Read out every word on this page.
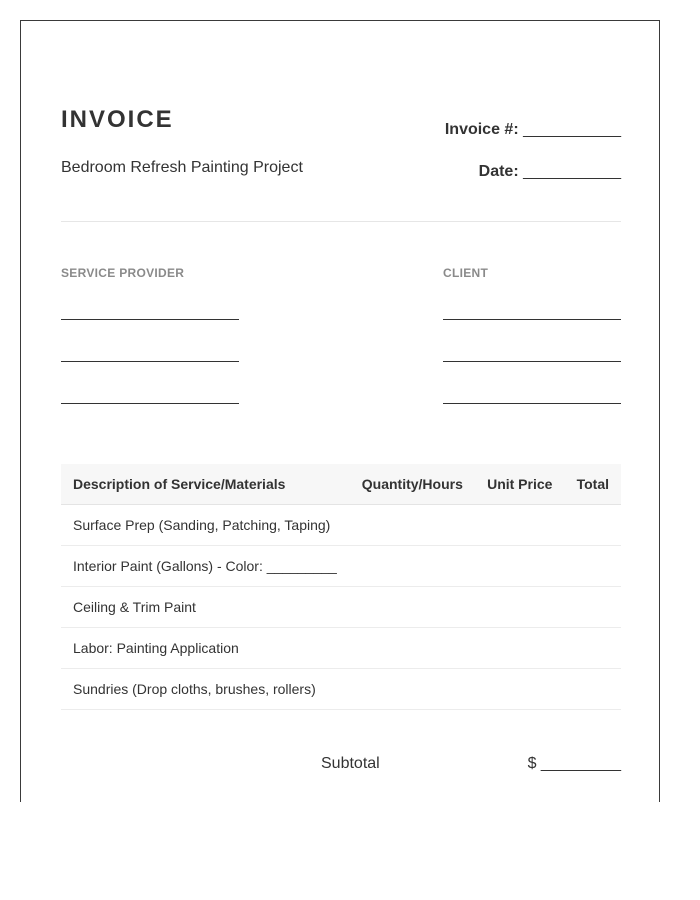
INVOICE
Bedroom Refresh Painting Project
Invoice #: ___________
Date: ___________
SERVICE PROVIDER	CLIENT
Description of Service/Materials	Quantity/Hours	Unit Price	Total
Surface Prep (Sanding, Patching, Taping)			
Interior Paint (Gallons) - Color: _________			
Ceiling & Trim Paint			
Labor: Painting Application			
Sundries (Drop cloths, brushes, rollers)			
Subtotal	$ _________
